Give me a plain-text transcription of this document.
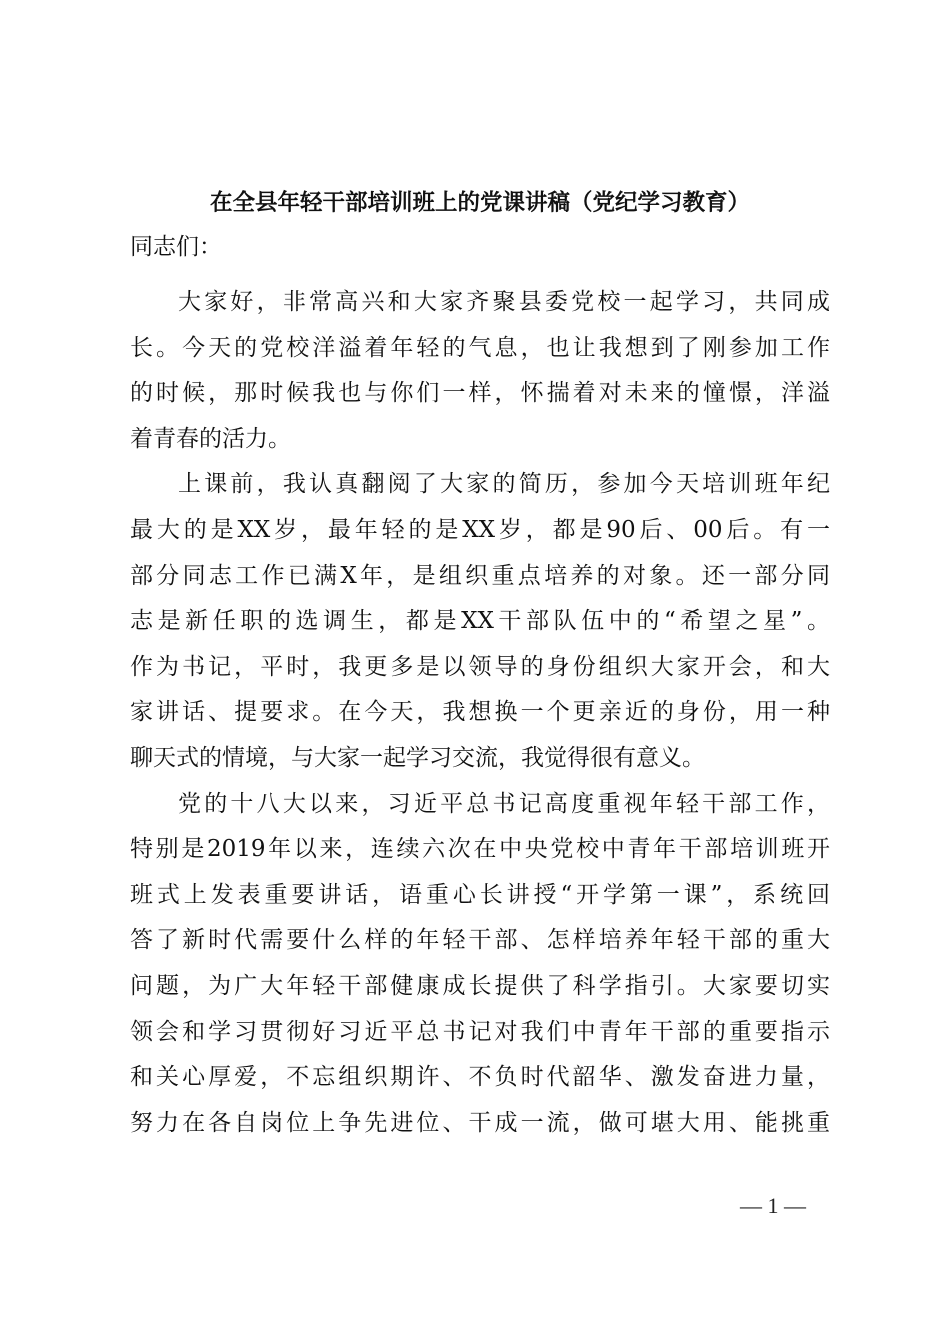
在全县年轻干部培训班上的党课讲稿（党纪学习教育）
同志们：
大家好，非常高兴和大家齐聚县委党校一起学习，共同成
长。今天的党校洋溢着年轻的气息，也让我想到了刚参加工作
的时候，那时候我也与你们一样，怀揣着对未来的憧憬，洋溢
着青春的活力。
上课前，我认真翻阅了大家的简历，参加今天培训班年纪
最大的是XX岁，最年轻的是XX岁，都是90后、00后。有一
部分同志工作已满X年，是组织重点培养的对象。还一部分同
志是新任职的选调生，都是XX干部队伍中的“希望之星”。
作为书记，平时，我更多是以领导的身份组织大家开会，和大
家讲话、提要求。在今天，我想换一个更亲近的身份，用一种
聊天式的情境，与大家一起学习交流，我觉得很有意义。
党的十八大以来，习近平总书记高度重视年轻干部工作，
特别是2019年以来，连续六次在中央党校中青年干部培训班开
班式上发表重要讲话，语重心长讲授“开学第一课”，系统回
答了新时代需要什么样的年轻干部、怎样培养年轻干部的重大
问题，为广大年轻干部健康成长提供了科学指引。大家要切实
领会和学习贯彻好习近平总书记对我们中青年干部的重要指示
和关心厚爱，不忘组织期许、不负时代韶华、激发奋进力量，
努力在各自岗位上争先进位、干成一流，做可堪大用、能挑重
— 1 —
